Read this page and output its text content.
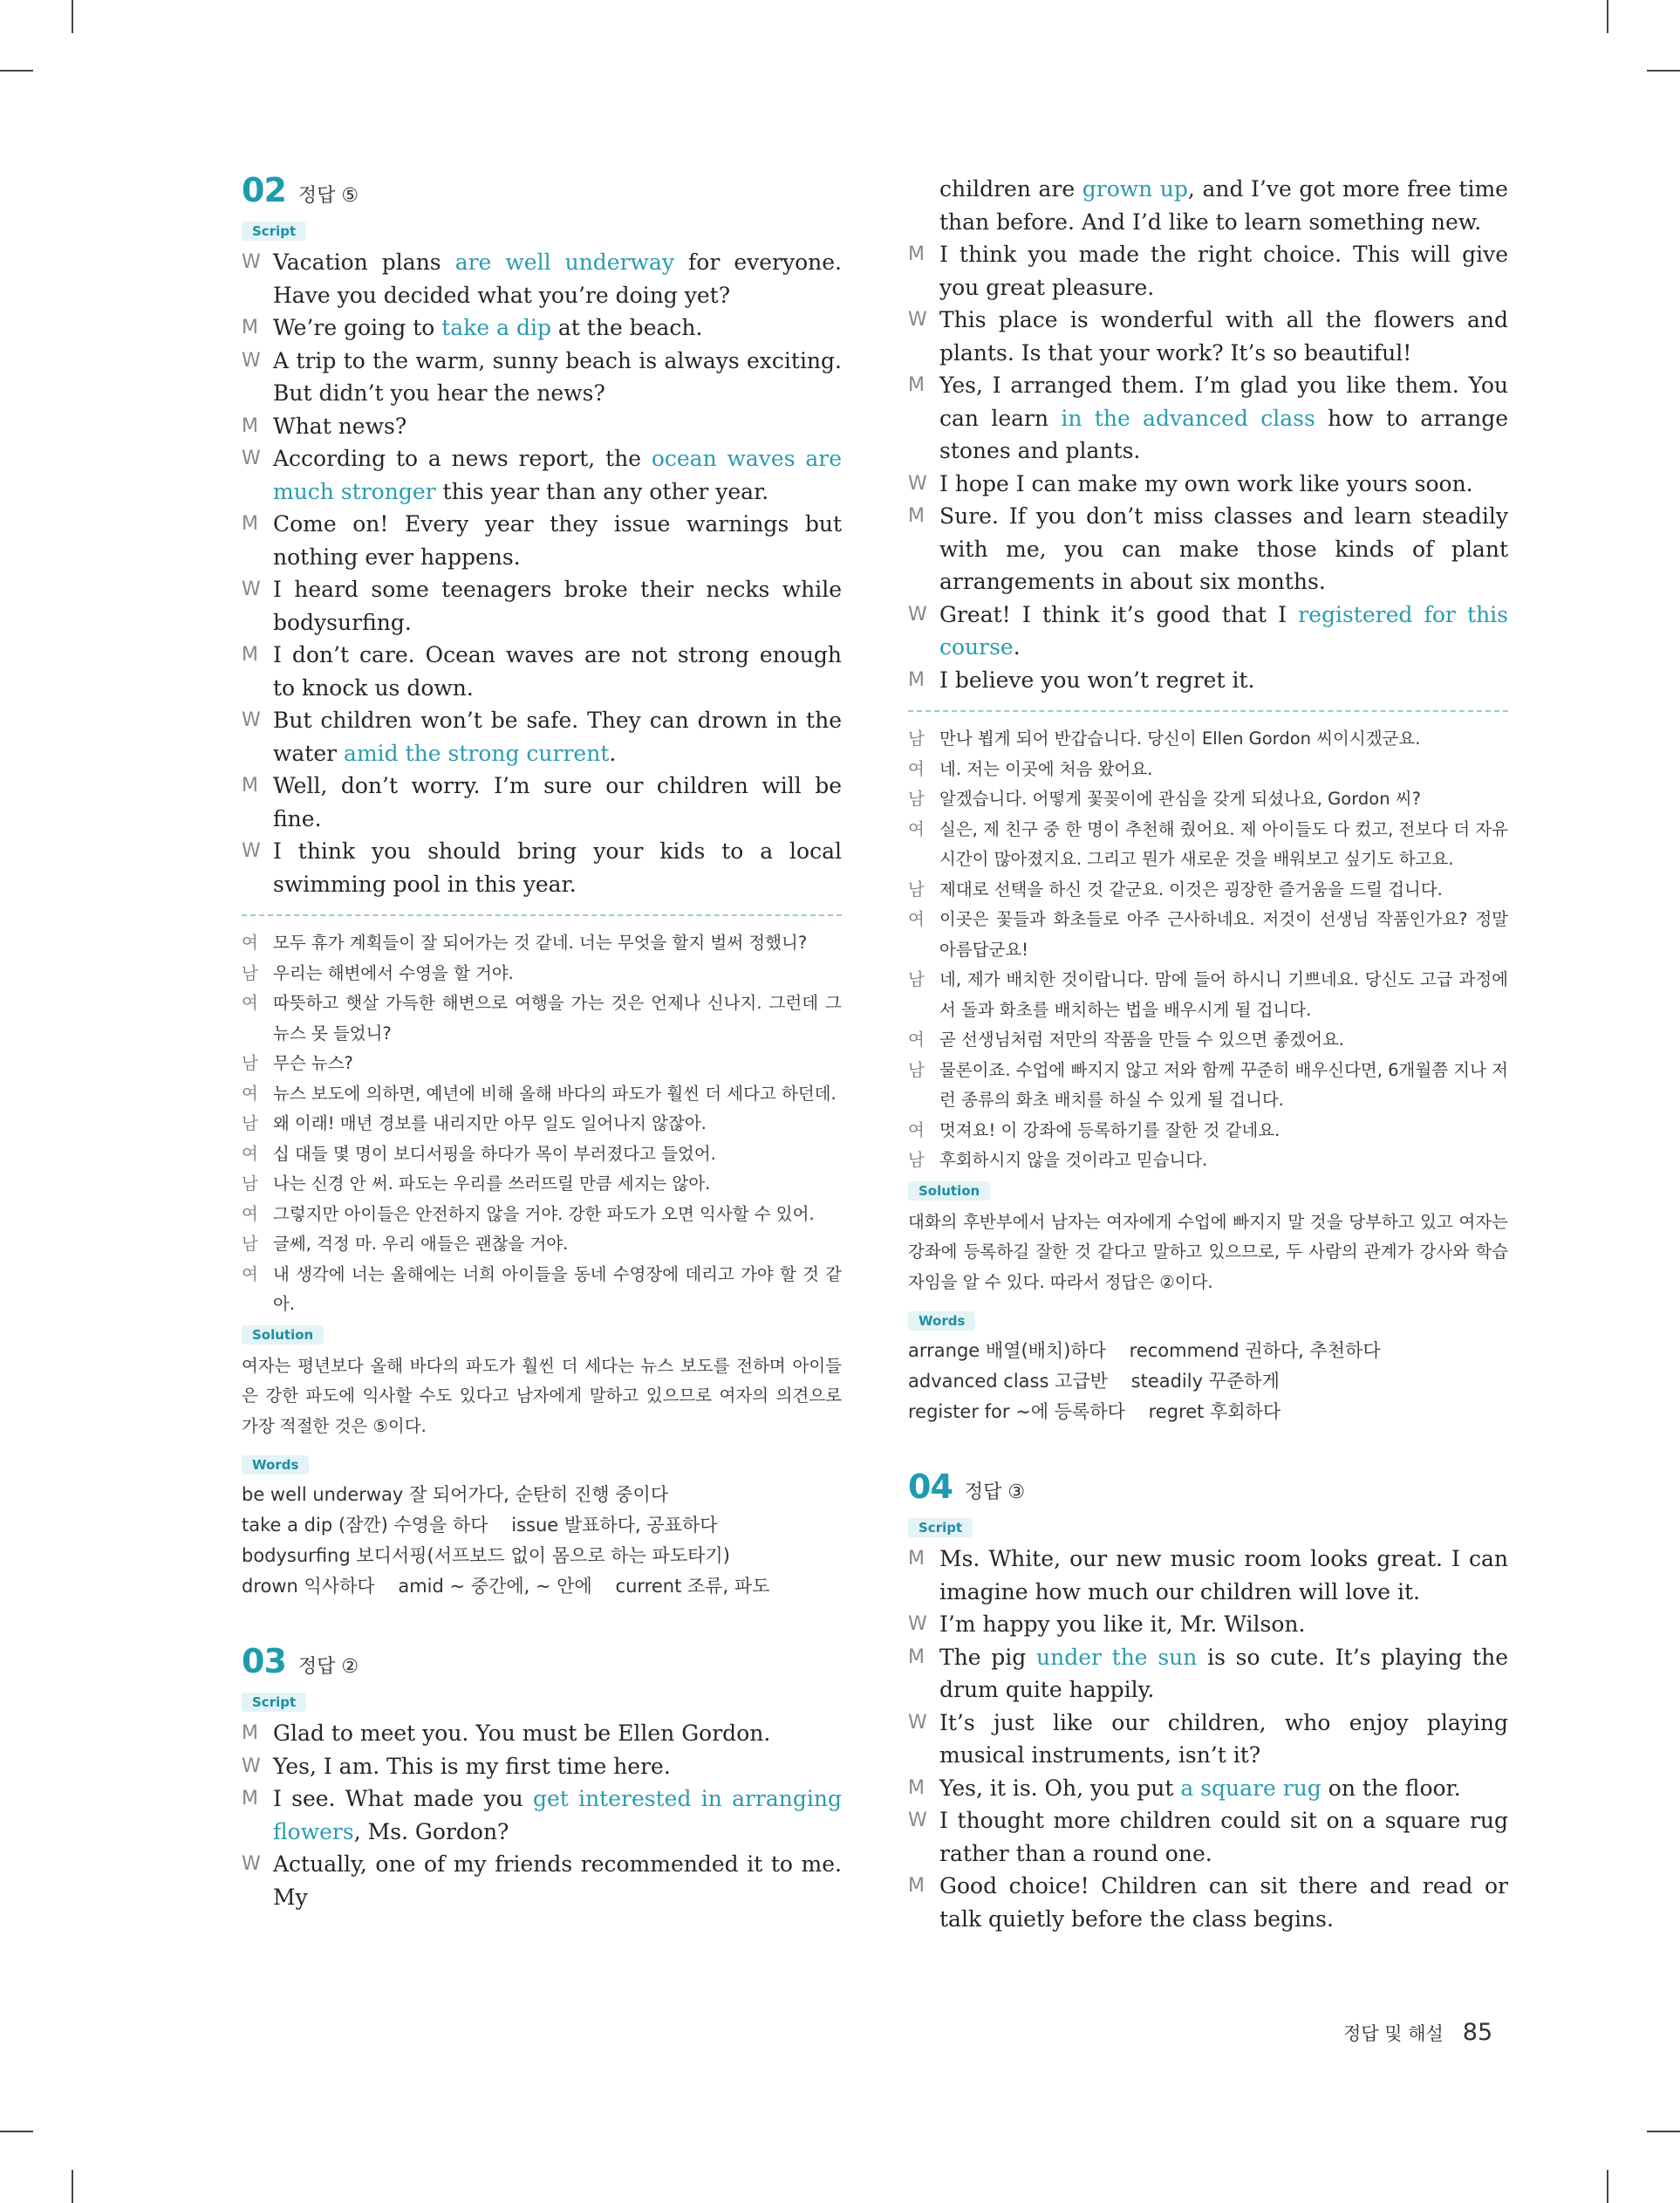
02 정답 ⑤
Script
W Vacation plans are well underway for everyone. Have you decided what you’re doing yet?
M We’re going to take a dip at the beach.
W A trip to the warm, sunny beach is always exciting. But didn’t you hear the news?
M What news?
W According to a news report, the ocean waves are much stronger this year than any other year.
M Come on! Every year they issue warnings but nothing ever happens.
W I heard some teenagers broke their necks while bodysurfing.
M I don’t care. Ocean waves are not strong enough to knock us down.
W But children won’t be safe. They can drown in the water amid the strong current.
M Well, don’t worry. I’m sure our children will be fine.
W I think you should bring your kids to a local swimming pool in this year.
여 모두 휴가 계획들이 잘 되어가는 것 같네. 너는 무엇을 할지 벌써 정했니?
남 우리는 해변에서 수영을 할 거야.
여 따뜻하고 햇살 가득한 해변으로 여행을 가는 것은 언제나 신나지. 그런데 그 뉴스 못 들었니?
남 무슨 뉴스?
여 뉴스 보도에 의하면, 예년에 비해 올해 바다의 파도가 훨씬 더 세다고 하던데.
남 왜 이래! 매년 경보를 내리지만 아무 일도 일어나지 않잖아.
여 십 대들 몇 명이 보디서핑을 하다가 목이 부러졌다고 들었어.
남 나는 신경 안 써. 파도는 우리를 쓰러뜨릴 만큼 세지는 않아.
여 그렇지만 아이들은 안전하지 않을 거야. 강한 파도가 오면 익사할 수 있어.
남 글쎄, 걱정 마. 우리 애들은 괜찮을 거야.
여 내 생각에 너는 올해에는 너희 아이들을 동네 수영장에 데리고 가야 할 것 같아.
Solution
여자는 평년보다 올해 바다의 파도가 훨씬 더 세다는 뉴스 보도를 전하며 아이들은 강한 파도에 익사할 수도 있다고 남자에게 말하고 있으므로 여자의 의견으로 가장 적절한 것은 ⑤이다.
Words
be well underway 잘 되어가다, 순탄히 진행 중이다
take a dip (잠깐) 수영을 하다    issue 발표하다, 공표하다
bodysurfing 보디서핑(서프보드 없이 몸으로 하는 파도타기)
drown 익사하다    amid ~ 중간에, ~ 안에    current 조류, 파도
03 정답 ②
Script
M Glad to meet you. You must be Ellen Gordon.
W Yes, I am. This is my first time here.
M I see. What made you get interested in arranging flowers, Ms. Gordon?
W Actually, one of my friends recommended it to me. My
children are grown up, and I’ve got more free time than before. And I’d like to learn something new.
M I think you made the right choice. This will give you great pleasure.
W This place is wonderful with all the flowers and plants. Is that your work? It’s so beautiful!
M Yes, I arranged them. I’m glad you like them. You can learn in the advanced class how to arrange stones and plants.
W I hope I can make my own work like yours soon.
M Sure. If you don’t miss classes and learn steadily with me, you can make those kinds of plant arrangements in about six months.
W Great! I think it’s good that I registered for this course.
M I believe you won’t regret it.
남 만나 뵙게 되어 반갑습니다. 당신이 Ellen Gordon 씨이시겠군요.
여 네. 저는 이곳에 처음 왔어요.
남 알겠습니다. 어떻게 꽃꽂이에 관심을 갖게 되셨나요, Gordon 씨?
여 실은, 제 친구 중 한 명이 추천해 줬어요. 제 아이들도 다 컸고, 전보다 더 자유 시간이 많아졌지요. 그리고 뭔가 새로운 것을 배워보고 싶기도 하고요.
남 제대로 선택을 하신 것 같군요. 이것은 굉장한 즐거움을 드릴 겁니다.
여 이곳은 꽃들과 화초들로 아주 근사하네요. 저것이 선생님 작품인가요? 정말 아름답군요!
남 네, 제가 배치한 것이랍니다. 맘에 들어 하시니 기쁘네요. 당신도 고급 과정에서 돌과 화초를 배치하는 법을 배우시게 될 겁니다.
여 곧 선생님처럼 저만의 작품을 만들 수 있으면 좋겠어요.
남 물론이죠. 수업에 빠지지 않고 저와 함께 꾸준히 배우신다면, 6개월쯤 지나 저런 종류의 화초 배치를 하실 수 있게 될 겁니다.
여 멋져요! 이 강좌에 등록하기를 잘한 것 같네요.
남 후회하시지 않을 것이라고 믿습니다.
Solution
대화의 후반부에서 남자는 여자에게 수업에 빠지지 말 것을 당부하고 있고 여자는 강좌에 등록하길 잘한 것 같다고 말하고 있으므로, 두 사람의 관계가 강사와 학습자임을 알 수 있다. 따라서 정답은 ②이다.
Words
arrange 배열(배치)하다    recommend 권하다, 추천하다
advanced class 고급반    steadily 꾸준하게
register for ~에 등록하다    regret 후회하다
04 정답 ③
Script
M Ms. White, our new music room looks great. I can imagine how much our children will love it.
W I’m happy you like it, Mr. Wilson.
M The pig under the sun is so cute. It’s playing the drum quite happily.
W It’s just like our children, who enjoy playing musical instruments, isn’t it?
M Yes, it is. Oh, you put a square rug on the floor.
W I thought more children could sit on a square rug rather than a round one.
M Good choice! Children can sit there and read or talk quietly before the class begins.
정답 및 해설 85
